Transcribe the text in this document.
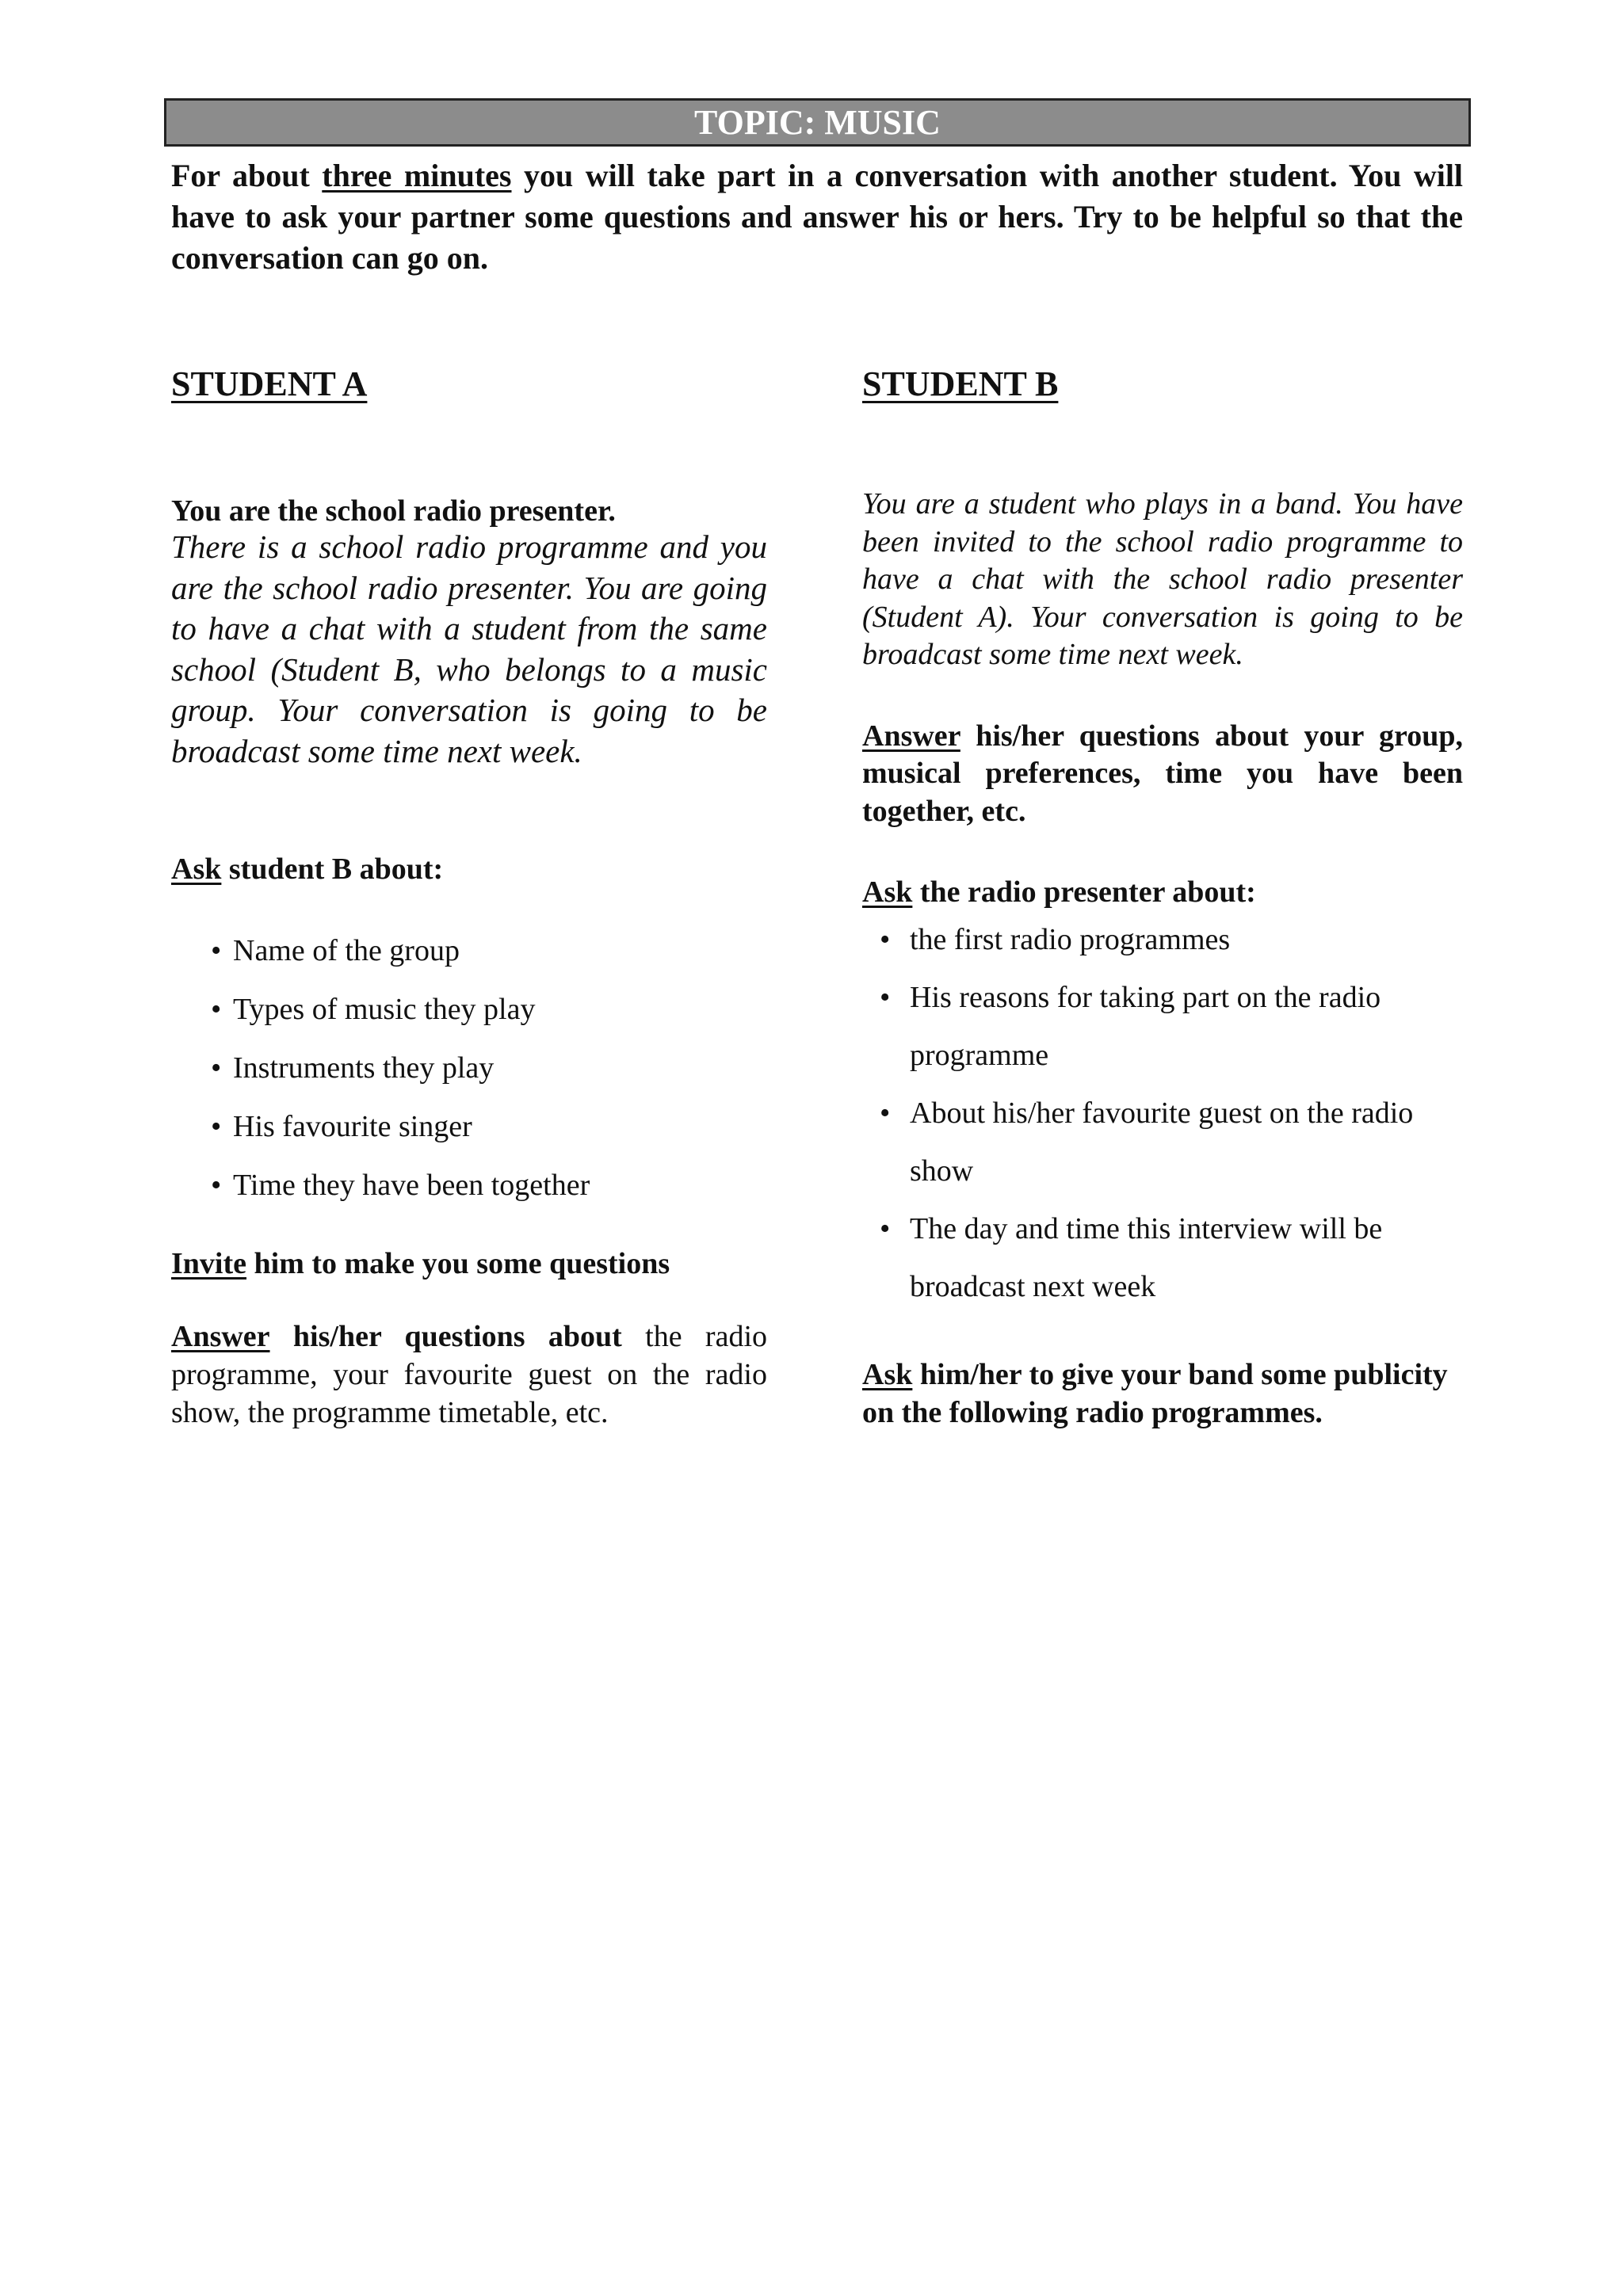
TOPIC: MUSIC

For about three minutes you will take part in a conversation with another student. You will have to ask your partner some questions and answer his or hers. Try to be helpful so that the conversation can go on.

STUDENT A

You are the school radio presenter.

There is a school radio programme and you are the school radio presenter. You are going to have a chat with a student from the same school (Student B, who belongs to a music group. Your conversation is going to be broadcast some time next week.

Ask student B about:

• Name of the group
• Types of music they play
• Instruments they play
• His favourite singer
• Time they have been together

Invite him to make you some questions

Answer his/her questions about the radio programme, your favourite guest on the radio show, the programme timetable, etc.

STUDENT B

You are a student who plays in a band. You have been invited to the school radio programme to have a chat with the school radio presenter (Student A). Your conversation is going to be broadcast some time next week.

Answer his/her questions about your group, musical preferences, time you have been together, etc.

Ask the radio presenter about:

• the first radio programmes
• His reasons for taking part on the radio programme
• About his/her favourite guest on the radio show
• The day and time this interview will be broadcast next week

Ask him/her to give your band some publicity on the following radio programmes.
